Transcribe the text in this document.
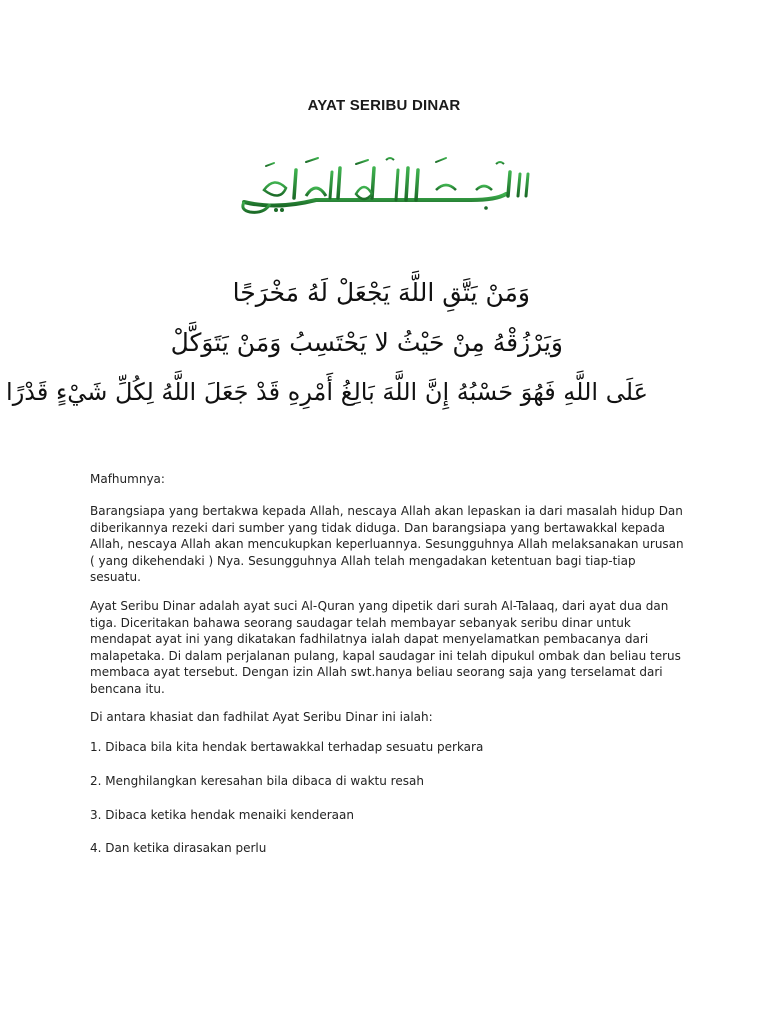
AYAT SERIBU DINAR
وَمَنْ يَتَّقِ اللَّهَ يَجْعَلْ لَهُ مَخْرَجًا
وَيَرْزُقْهُ مِنْ حَيْثُ لا يَحْتَسِبُ وَمَنْ يَتَوَكَّلْ
عَلَى اللَّهِ فَهُوَ حَسْبُهُ إِنَّ اللَّهَ بَالِغُ أَمْرِهِ قَدْ جَعَلَ اللَّهُ لِكُلِّ شَيْءٍ قَدْرًا

Mafhumnya:

Barangsiapa yang bertakwa kepada Allah, nescaya Allah akan lepaskan ia dari masalah hidup Dan diberikannya rezeki dari sumber yang tidak diduga. Dan barangsiapa yang bertawakkal kepada Allah, nescaya Allah akan mencukupkan keperluannya. Sesungguhnya Allah melaksanakan urusan ( yang dikehendaki ) Nya. Sesungguhnya Allah telah mengadakan ketentuan bagi tiap-tiap sesuatu.

Ayat Seribu Dinar adalah ayat suci Al-Quran yang dipetik dari surah Al-Talaaq, dari ayat dua dan tiga. Diceritakan bahawa seorang saudagar telah membayar sebanyak seribu dinar untuk mendapat ayat ini yang dikatakan fadhilatnya ialah dapat menyelamatkan pembacanya dari malapetaka. Di dalam perjalanan pulang, kapal saudagar ini telah dipukul ombak dan beliau terus membaca ayat tersebut. Dengan izin Allah swt.hanya beliau seorang saja yang terselamat dari bencana itu.

Di antara khasiat dan fadhilat Ayat Seribu Dinar ini ialah:

1. Dibaca bila kita hendak bertawakkal terhadap sesuatu perkara

2. Menghilangkan keresahan bila dibaca di waktu resah

3. Dibaca ketika hendak menaiki kenderaan

4. Dan ketika dirasakan perlu
